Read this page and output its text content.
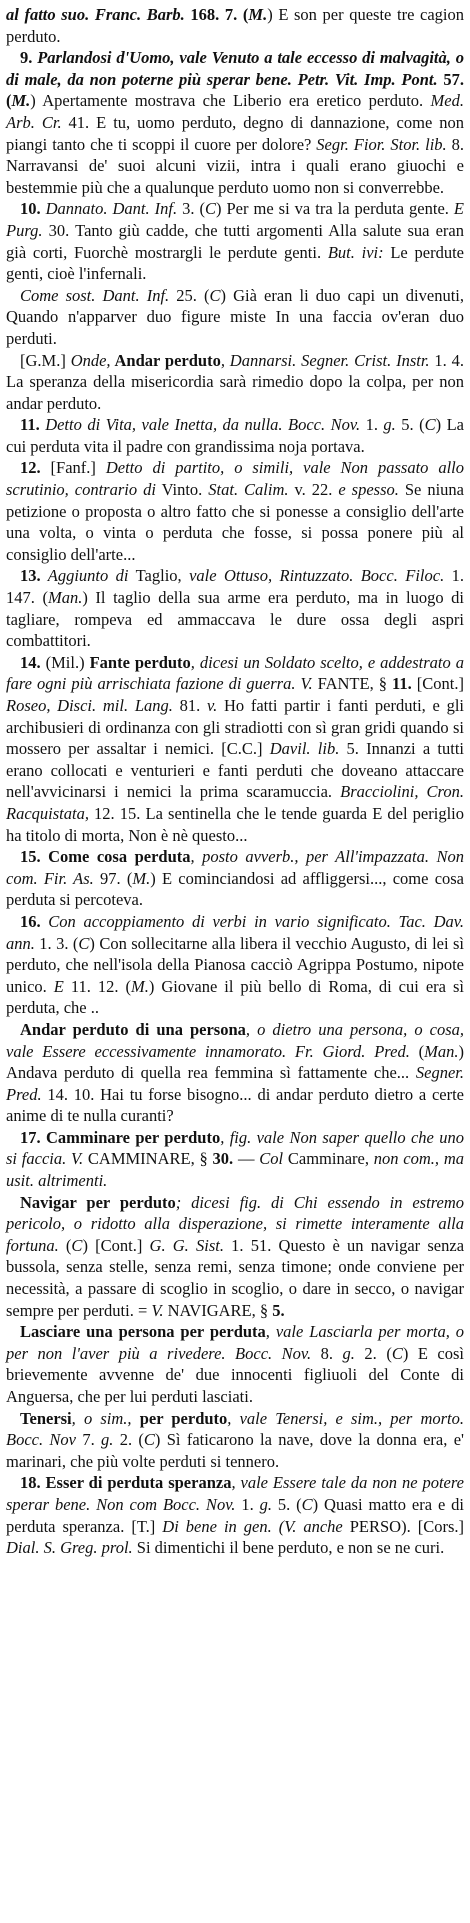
al fatto suo. Franc. Barb. 168. 7. (M.) E son per queste tre cagion perduto.

9. Parlandosi d'Uomo, vale Venuto a tale eccesso di malvagità, o di male, da non poterne più sperar bene. Petr. Vit. Imp. Pont. 57. (M.) Apertamente mostrava che Liberio era eretico perduto. Med. Arb. Cr. 41. E tu, uomo perduto, degno di dannazione, come non piangi tanto che ti scoppi il cuore per dolore? Segr. Fior. Stor. lib. 8. Narravansi de' suoi alcuni vizii, intra i quali erano giuochi e bestemmie più che a qualunque perduto uomo non si converrebbe.

10. Dannato. Dant. Inf. 3. (C) Per me si va tra la perduta gente. E Purg. 30. Tanto giù cadde, che tutti argomenti Alla salute sua eran già corti, Fuorchè mostrargli le perdute genti. But. ivi: Le perdute genti, cioè l'infernali.

Come sost. Dant. Inf. 25. (C) Già eran li duo capi un divenuti, Quando n'apparver duo figure miste In una faccia ov'eran duo perduti.

[G.M.] Onde, Andar perduto, Dannarsi. Segner. Crist. Instr. 1. 4. La speranza della misericordia sarà rimedio dopo la colpa, per non andar perduto.

11. Detto di Vita, vale Inetta, da nulla. Bocc. Nov. 1. g. 5. (C) La cui perduta vita il padre con grandissima noja portava.

12. [Fanf.] Detto di partito, o simili, vale Non passato allo scrutinio, contrario di Vinto. Stat. Calim. v. 22. e spesso. Se niuna petizione o proposta o altro fatto che si ponesse a consiglio dell'arte una volta, o vinta o perduta che fosse, si possa ponere più al consiglio dell'arte...

13. Aggiunto di Taglio, vale Ottuso, Rintuzzato. Bocc. Filoc. 1. 147. (Man.) Il taglio della sua arme era perduto, ma in luogo di tagliare, rompeva ed ammaccava le dure ossa degli aspri combattitori.

14. (Mil.) Fante perduto, dicesi un Soldato scelto, e addestrato a fare ogni più arrischiata fazione di guerra. V. FANTE, § 11. [Cont.] Roseo, Disci. mil. Lang. 81. v. Ho fatti partir i fanti perduti, e gli archibusieri di ordinanza con gli stradiotti con sì gran gridi quando si mossero per assaltar i nemici. [C.C.] Davil. lib. 5. Innanzi a tutti erano collocati e venturieri e fanti perduti che doveano attaccare nell'avvicinarsi i nemici la prima scaramuccia. Bracciolini, Cron. Racquistata, 12. 15. La sentinella che le tende guarda E del periglio ha titolo di morta, Non è nè questo...

15. Come cosa perduta, posto avverb., per All'impazzata. Non com. Fir. As. 97. (M.) E cominciandosi ad affliggersi..., come cosa perduta si percoteva.

16. Con accoppiamento di verbi in vario significato. Tac. Dav. ann. 1. 3. (C) Con sollecitarne alla libera il vecchio Augusto, di lei sì perduto, che nell'isola della Pianosa cacciò Agrippa Postumo, nipote unico. E 11. 12. (M.) Giovane il più bello di Roma, di cui era sì perduta, che ..

Andar perduto di una persona, o dietro una persona, o cosa, vale Essere eccessivamente innamorato. Fr. Giord. Pred. (Man.) Andava perduto di quella rea femmina sì fattamente che... Segner. Pred. 14. 10. Hai tu forse bisogno... di andar perduto dietro a certe anime di te nulla curanti?

17. Camminare per perduto, fig. vale Non saper quello che uno si faccia. V. CAMMINARE, § 30. — Col Camminare, non com., ma usit. altrimenti.

Navigar per perduto; dicesi fig. di Chi essendo in estremo pericolo, o ridotto alla disperazione, si rimette interamente alla fortuna. (C) [Cont.] G. G. Sist. 1. 51. Questo è un navigar senza bussola, senza stelle, senza remi, senza timone; onde conviene per necessità, a passare di scoglio in scoglio, o dare in secco, o navigar sempre per perduti. = V. NAVIGARE, § 5.

Lasciare una persona per perduta, vale Lasciarla per morta, o per non l'aver più a rivedere. Bocc. Nov. 8. g. 2. (C) E così brievemente avvenne de' due innocenti figliuoli del Conte di Anguersa, che per lui perduti lasciati.

Tenersi, o sim., per perduto, vale Tenersi, e sim., per morto. Bocc. Nov 7. g. 2. (C) Sì faticarono la nave, dove la donna era, e' marinari, che più volte perduti si tennero.

18. Esser di perduta speranza, vale Essere tale da non ne potere sperar bene. Non com Bocc. Nov. 1. g. 5. (C) Quasi matto era e di perduta speranza. [T.] Di bene in gen. (V. anche PERSO). [Cors.] Dial. S. Greg. prol. Si dimentichi il bene perduto, e non se ne curi.
